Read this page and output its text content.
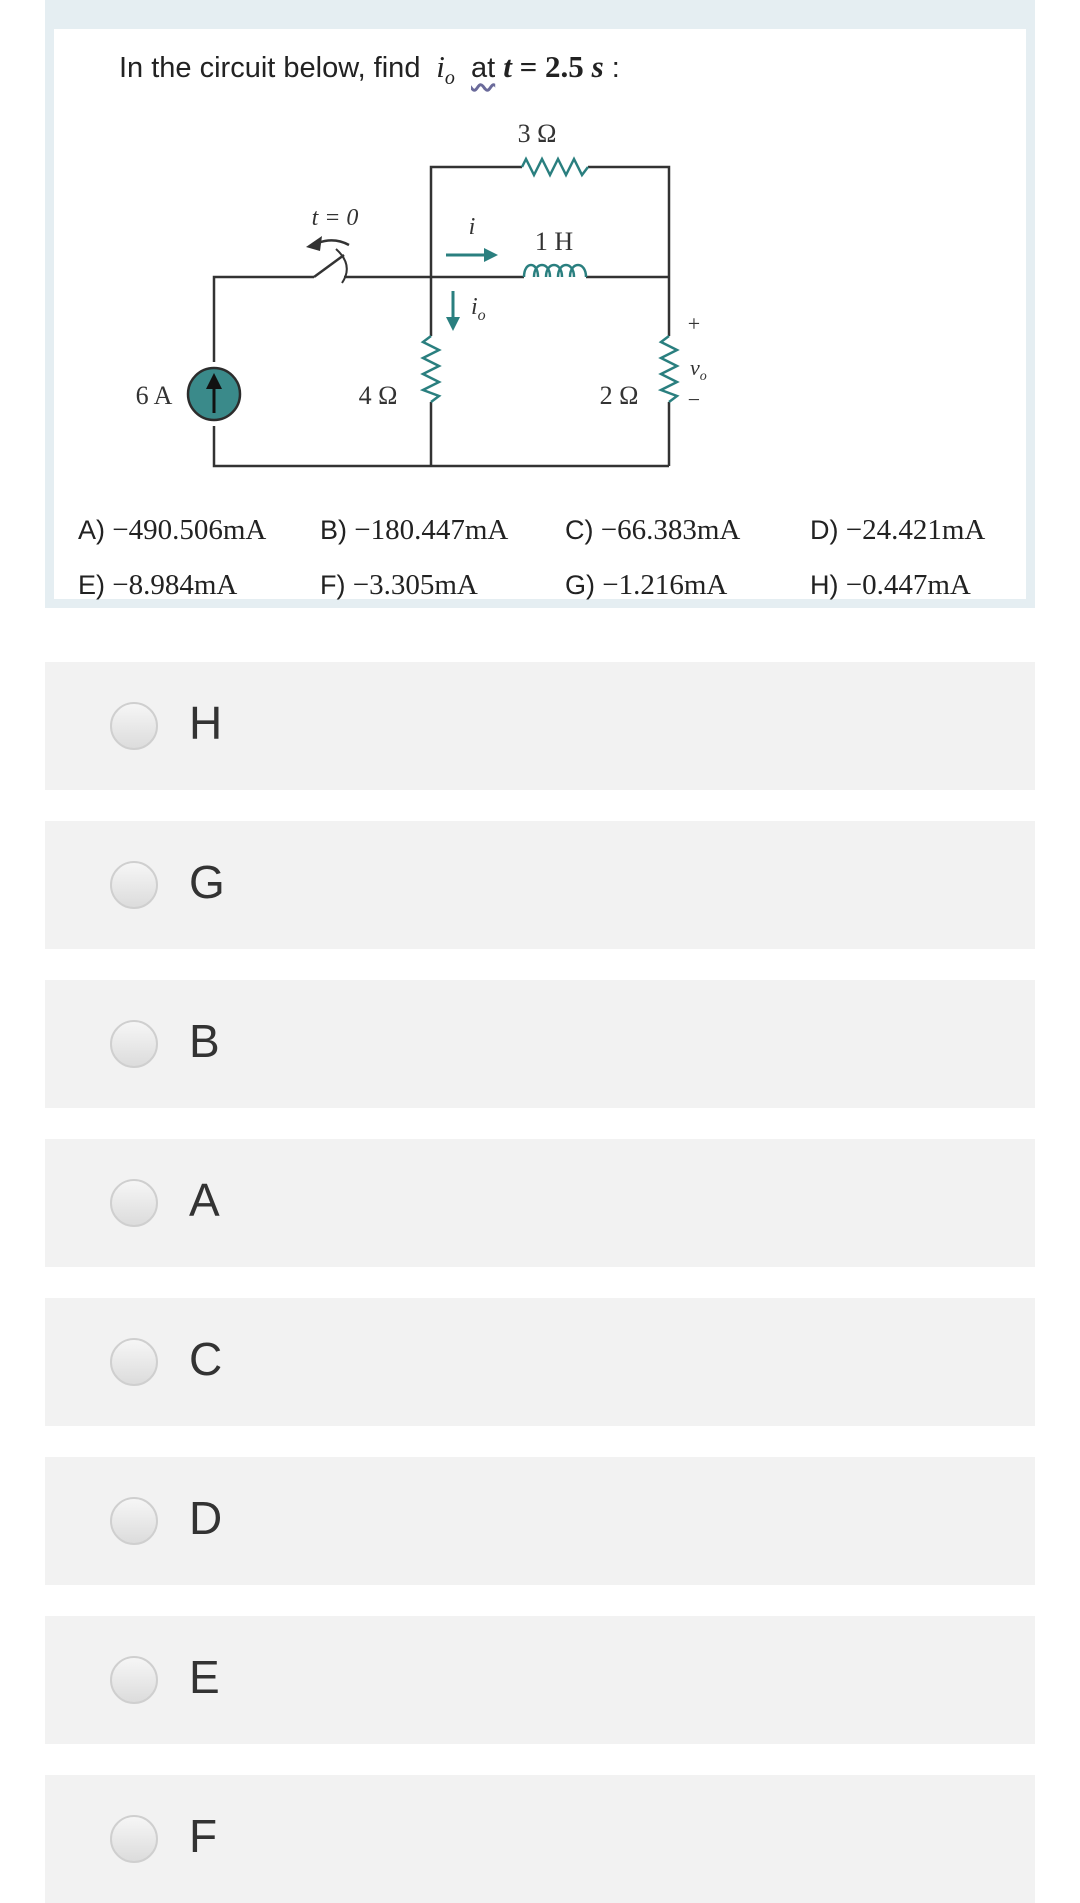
In the circuit below, find $i_o$ at t = 2.5 s :
3 Ω
1 H
i
$i_o$
t = 0
6 A	4 Ω	2 Ω
+
−
$v_o$
A) −490.506mA B) −180.447mA C) −66.383mA	D) −24.421mA
E) −8.984mA	F) −3.305mA	G) −1.216mA	H) −0.447mA
H
G
B
A
C
D
E
F
